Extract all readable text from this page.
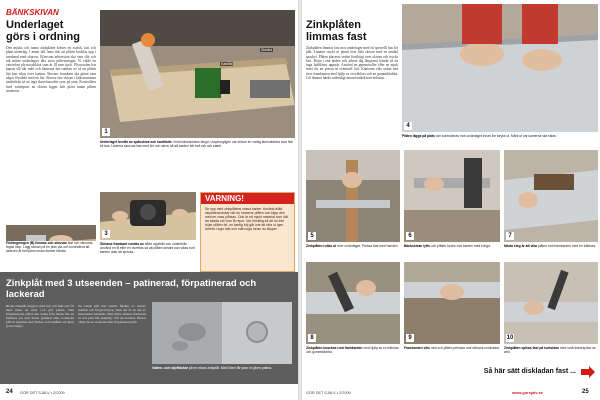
BÄNKSKIVAN
Underlaget
görs i ordning
Den mjuka och tunna zinkplåten kräver ett stabilt, fast och plant underlag. I annat fall finns risk att plåten bucklas upp i samband med skarvar. Eftersom arbetsytan ska vara slät och rak måste underlagret tåla stora påfrestningar. Vi valde en vattenfast plywoodskiva som är 18 mm tjock. Plywooden har kapats till rätt mått och kanterna har rundats av så att plåten lätt kan vikas över kanten. Skivans framkant ska gärna vara något förstärkt med en list. Skruva fast skivan i köksstommen underifrån så att inga skruvhuvuden syns på ytan. Kontrollera med vattenpass att skivan ligger helt plant innan plåten monteras.
Kantlist
Skivlist
1
Underlaget består av spånskiva och kantlister i hela bänkskivans längd. Ursprungligen var skivan en vanlig laminatskiva som fick bli bas. Listerna skruvas fast med lim och skruv så att kanten blir helt rak och stabil.
3
VARNING!
Se upp med zinkplåtens vassa kanter. Använd alltid skyddshandskar när du hanterar plåten och klipp den med en vass plåtsax. Zink är ett mjukt material som lätt tar skada och kan få repor. Var försiktig så att du inte böjer plåten fel, en kantig böj går inte att räta ut igen. Arbeta i lugn takt och mät noga innan du klipper.
Förlängningen (B) limmas och skruvas fast och skivorna fogas ihop. Lägg skivan på en plan yta och kontrollera att skarven är helt jämn innan limmet härdar.
Skivans framkant rundas av både uppifrån och underifrån. Använd en fil eller en överfräs så att plåten senare kan vikas runt kanten utan att spricka.
Zinkplåt med 3 utseenden – patinerad, förpatinerad och lackerad
Blank zinkplåt reagerar med luft och fukt och får med tiden en matt och grå patina. Den förpatinerade plåten har redan från fabrik fått en mörkare yta som liknar gammal zink. Lackerad plåt är skyddad mot fläckar och behåller sin ljusa lyster längre.
En blank plåt blir snabbt fläckig av vatten, matfett och fingeravtryck, men det är en del av materialets karaktär. Med tiden jämnas fläckarna ut och ytan blir enhetlig. Vill du undvika fläckar väljer du en lackerad eller förpatinerad plåt.
Vatten- och oljefläckar på en blank zinkplåt. Med tiden får ytan en jämn patina.
24 GÖR DET SJÄLV • 2/2009
Zinkplåten
limmas fast
Zinkplåten limmas fast mot underlaget med ett speciellt lim för plåt. Limmet stryks ut jämnt över hela skivan med en tandad spackel. Plåten placeras sedan försiktigt över skivan och trycks fast. Börja i ena änden och arbeta dig långsamt framåt så att inga luftblåsor uppstår. Använd en gummiroller eller en mjuk trasa för att pressa ut eventuell luft. Kanterna viks sedan ned över framkanten med hjälp av en träkloss och en gummiklubba. Låt limmet härda ordentligt innan bänkskivan belastas.
4
Plåten läggs på plats och kontrolleras mot underlaget innan lim stryks ut. Märk ut var kanterna ska vikas.
5	6	7
Zinkplåten rullas ut över underlaget. Pressa fast med handen.	Bänkskivan lyfts och plåten trycks mot kanten med tvinga.	Nästa steg är att vika plåten runt framkanten med en träkloss.
8	9	10
Zinkplåten knackas runt framkanten med hjälp av en träkloss och gummiklubba.
Framkanten viks ned och plåten pressas mot skivans underkant. Zinkplåten spikas fast på kortsidan med små dekorspikar av zink.
Så här sätt diskladan fast ...
GÖR DET SJÄLV • 2/2009	www.gorsjalv.se	25
